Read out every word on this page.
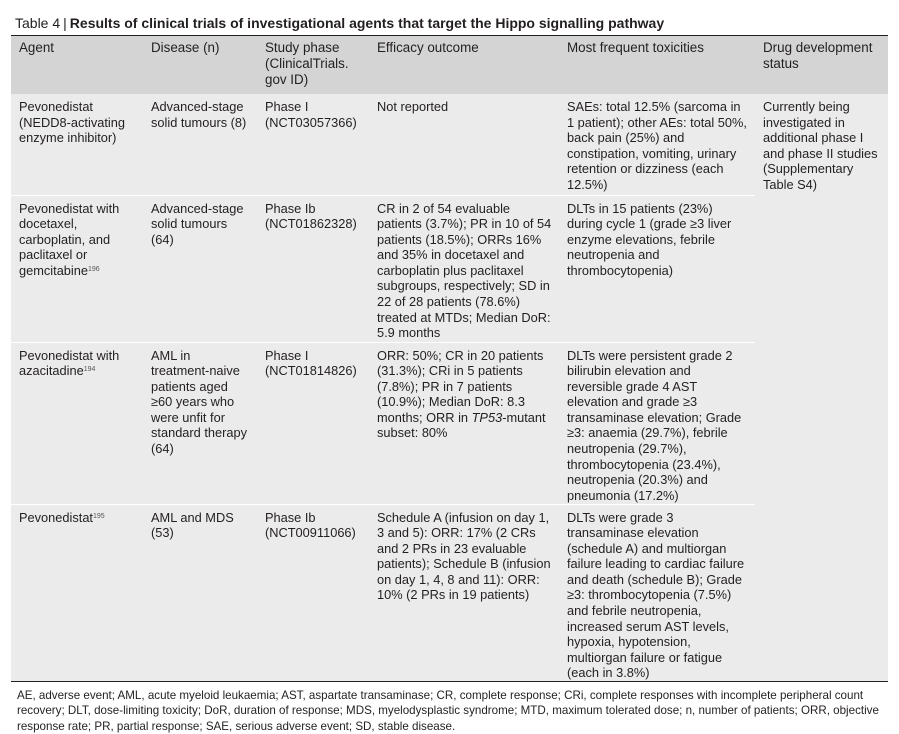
Table 4 | Results of clinical trials of investigational agents that target the Hippo signalling pathway
Agent	Disease (n)	Study phase (ClinicalTrials. gov ID)	Efficacy outcome	Most frequent toxicities	Drug development status
Pevonedistat (NEDD8-activating enzyme inhibitor)	Advanced-stage solid tumours (8)	Phase I (NCT03057366)	Not reported	SAEs: total 12.5% (sarcoma in 1 patient); other AEs: total 50%, back pain (25%) and constipation, vomiting, urinary retention or dizziness (each 12.5%)	Currently being investigated in additional phase I and phase II studies (Supplementary Table S4)
Pevonedistat with docetaxel, carboplatin, and paclitaxel or gemcitabine$^{196}$	Advanced-stage solid tumours (64)	Phase Ib (NCT01862328)	CR in 2 of 54 evaluable patients (3.7%); PR in 10 of 54 patients (18.5%); ORRs 16% and 35% in docetaxel and carboplatin plus paclitaxel subgroups, respectively; SD in 22 of 28 patients (78.6%) treated at MTDs; Median DoR: 5.9 months	DLTs in 15 patients (23%) during cycle 1 (grade ≥3 liver enzyme elevations, febrile neutropenia and thrombocytopenia)	
Pevonedistat with azacitadine$^{194}$	AML in treatment-naive patients aged ≥60 years who were unfit for standard therapy (64)	Phase I (NCT01814826)	ORR: 50%; CR in 20 patients (31.3%); CRi in 5 patients (7.8%); PR in 7 patients (10.9%); Median DoR: 8.3 months; ORR in TP53-mutant subset: 80%	DLTs were persistent grade 2 bilirubin elevation and reversible grade 4 AST elevation and grade ≥3 transaminase elevation; Grade ≥3: anaemia (29.7%), febrile neutropenia (29.7%), thrombocytopenia (23.4%), neutropenia (20.3%) and pneumonia (17.2%)	
Pevonedistat$^{195}$	AML and MDS (53)	Phase Ib (NCT00911066)	Schedule A (infusion on day 1, 3 and 5): ORR: 17% (2 CRs and 2 PRs in 23 evaluable patients); Schedule B (infusion on day 1, 4, 8 and 11): ORR: 10% (2 PRs in 19 patients)	DLTs were grade 3 transaminase elevation (schedule A) and multiorgan failure leading to cardiac failure and death (schedule B); Grade ≥3: thrombocytopenia (7.5%) and febrile neutropenia, increased serum AST levels, hypoxia, hypotension, multiorgan failure or fatigue (each in 3.8%)	
AE, adverse event; AML, acute myeloid leukaemia; AST, aspartate transaminase; CR, complete response; CRi, complete responses with incomplete peripheral count recovery; DLT, dose-limiting toxicity; DoR, duration of response; MDS, myelodysplastic syndrome; MTD, maximum tolerated dose; n, number of patients; ORR, objective response rate; PR, partial response; SAE, serious adverse event; SD, stable disease.
